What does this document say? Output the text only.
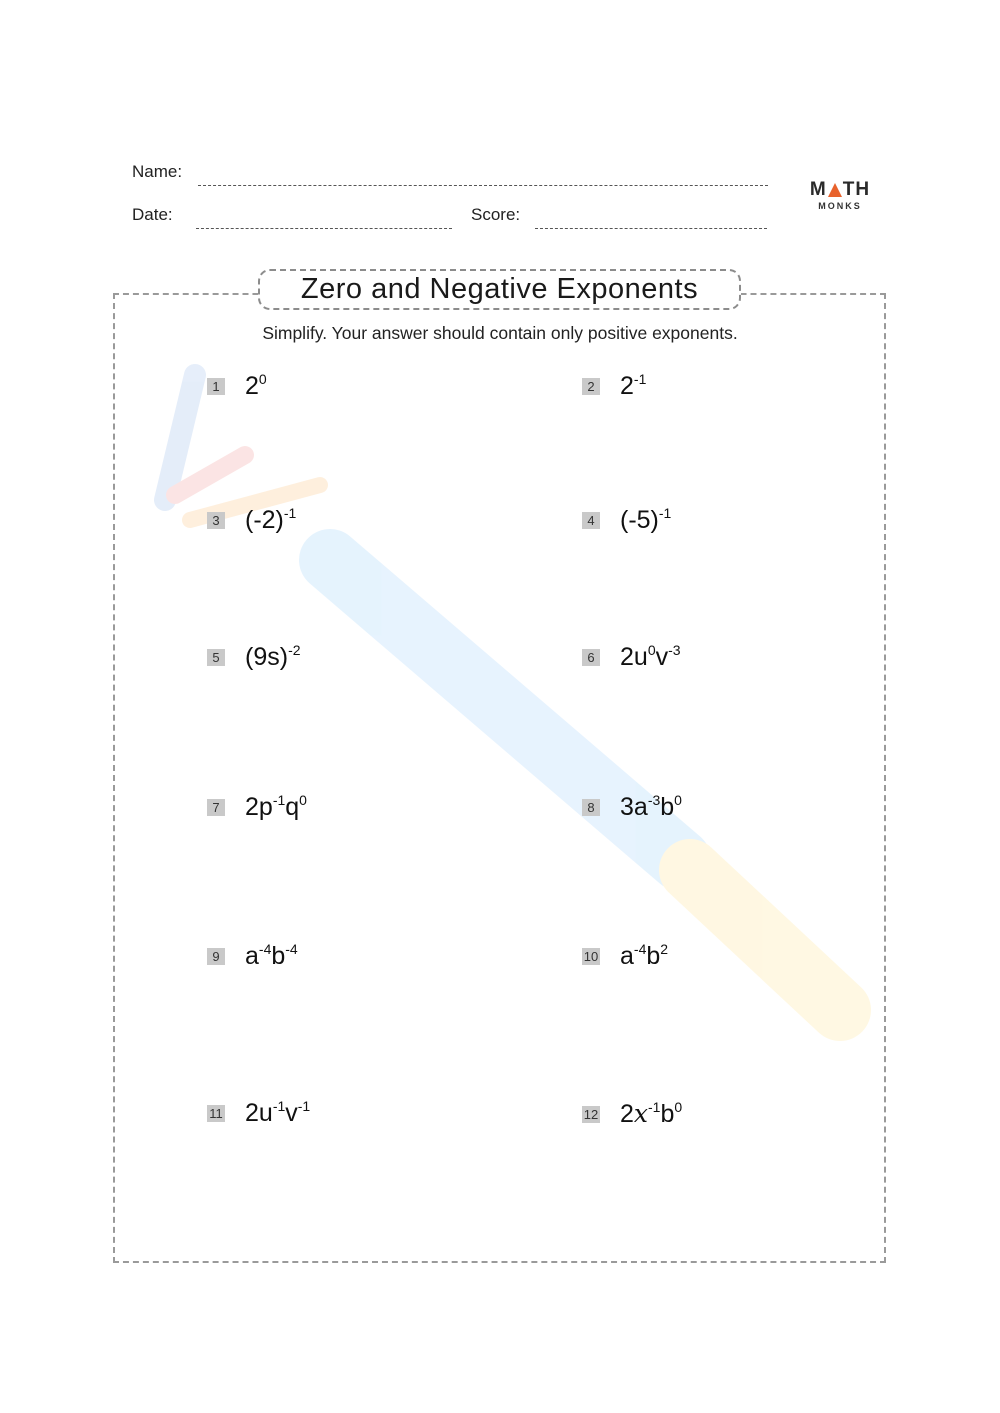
Name:
Date:	Score:
M TH
MONKS
Zero and Negative Exponents
Simplify. Your answer should contain only positive exponents.
1 $2^0$	2 $2^{-1}$
3 $(-2)^{-1}$	4 $(-5)^{-1}$
5 $(9s)^{-2}$	6 $2u^0v^{-3}$
7 $2p^{-1}q^0$	8 $3a^{-3}b^0$
9 $a^{-4}b^{-4}$	10 $a^{-4}b^2$
11 $2u^{-1}v^{-1}$	12 $2x^{-1}b^0$
